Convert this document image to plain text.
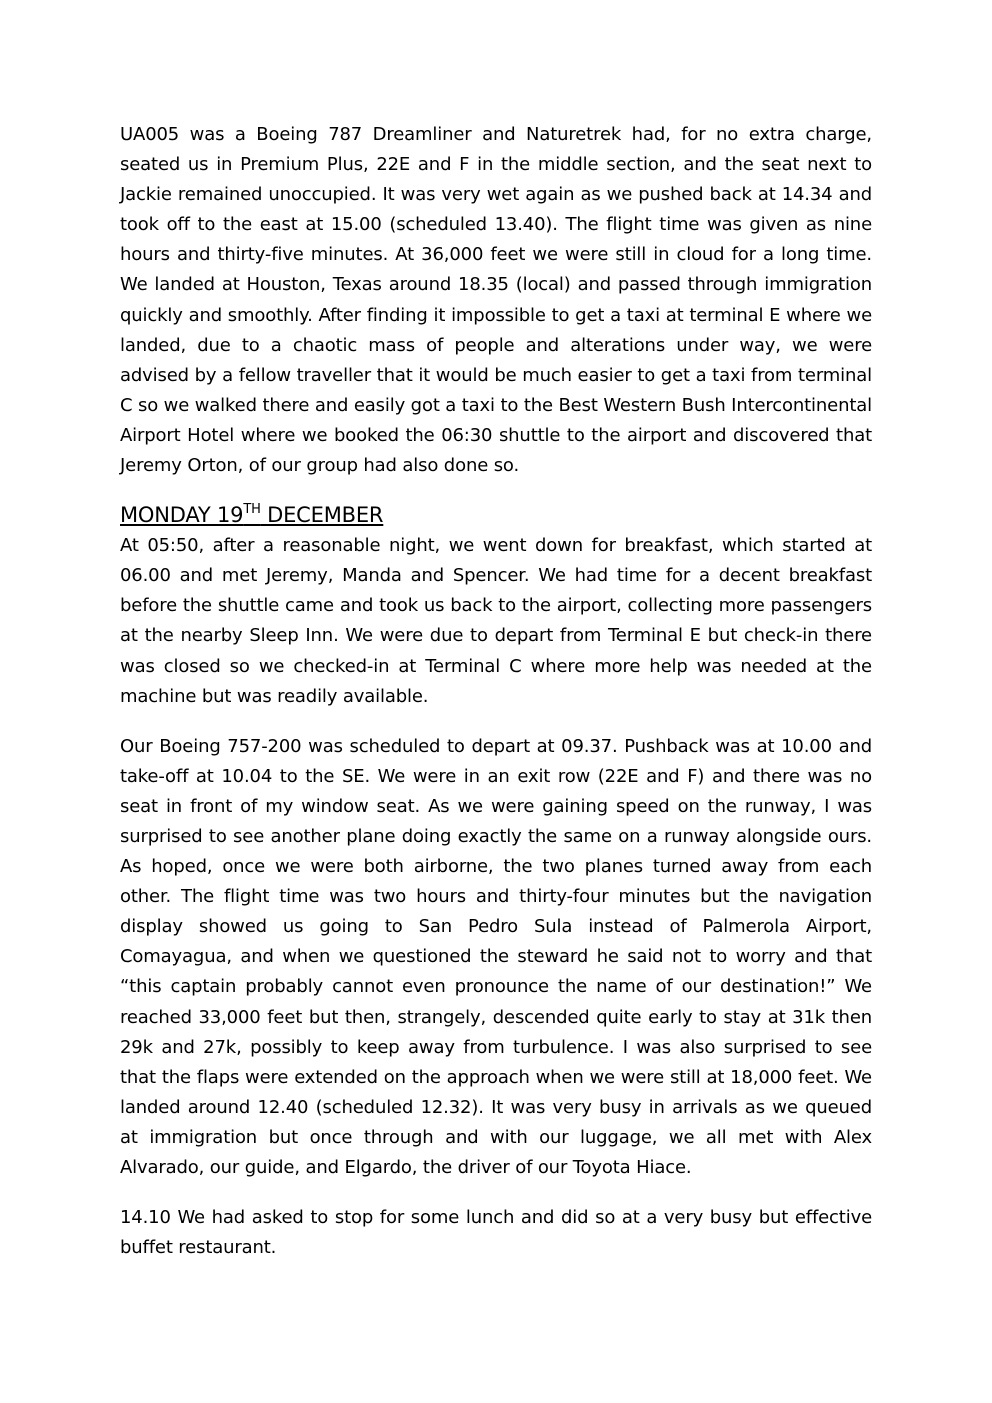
UA005 was a Boeing 787 Dreamliner and Naturetrek had, for no extra charge, seated us in Premium Plus, 22E and F in the middle section, and the seat next to Jackie remained unoccupied. It was very wet again as we pushed back at 14.34 and took off to the east at 15.00 (scheduled 13.40). The flight time was given as nine hours and thirty-five minutes. At 36,000 feet we were still in cloud for a long time. We landed at Houston, Texas around 18.35 (local) and passed through immigration quickly and smoothly. After finding it impossible to get a taxi at terminal E where we landed, due to a chaotic mass of people and alterations under way, we were advised by a fellow traveller that it would be much easier to get a taxi from terminal C so we walked there and easily got a taxi to the Best Western Bush Intercontinental Airport Hotel where we booked the 06:30 shuttle to the airport and discovered that Jeremy Orton, of our group had also done so.

MONDAY 19TH DECEMBER

At 05:50, after a reasonable night, we went down for breakfast, which started at 06.00 and met Jeremy, Manda and Spencer. We had time for a decent breakfast before the shuttle came and took us back to the airport, collecting more passengers at the nearby Sleep Inn. We were due to depart from Terminal E but check-in there was closed so we checked-in at Terminal C where more help was needed at the machine but was readily available.

Our Boeing 757-200 was scheduled to depart at 09.37. Pushback was at 10.00 and take-off at 10.04 to the SE. We were in an exit row (22E and F) and there was no seat in front of my window seat. As we were gaining speed on the runway, I was surprised to see another plane doing exactly the same on a runway alongside ours. As hoped, once we were both airborne, the two planes turned away from each other. The flight time was two hours and thirty-four minutes but the navigation display showed us going to San Pedro Sula instead of Palmerola Airport, Comayagua, and when we questioned the steward he said not to worry and that “this captain probably cannot even pronounce the name of our destination!” We reached 33,000 feet but then, strangely, descended quite early to stay at 31k then 29k and 27k, possibly to keep away from turbulence. I was also surprised to see that the flaps were extended on the approach when we were still at 18,000 feet. We landed around 12.40 (scheduled 12.32). It was very busy in arrivals as we queued at immigration but once through and with our luggage, we all met with Alex Alvarado, our guide, and Elgardo, the driver of our Toyota Hiace.

14.10 We had asked to stop for some lunch and did so at a very busy but effective buffet restaurant.
